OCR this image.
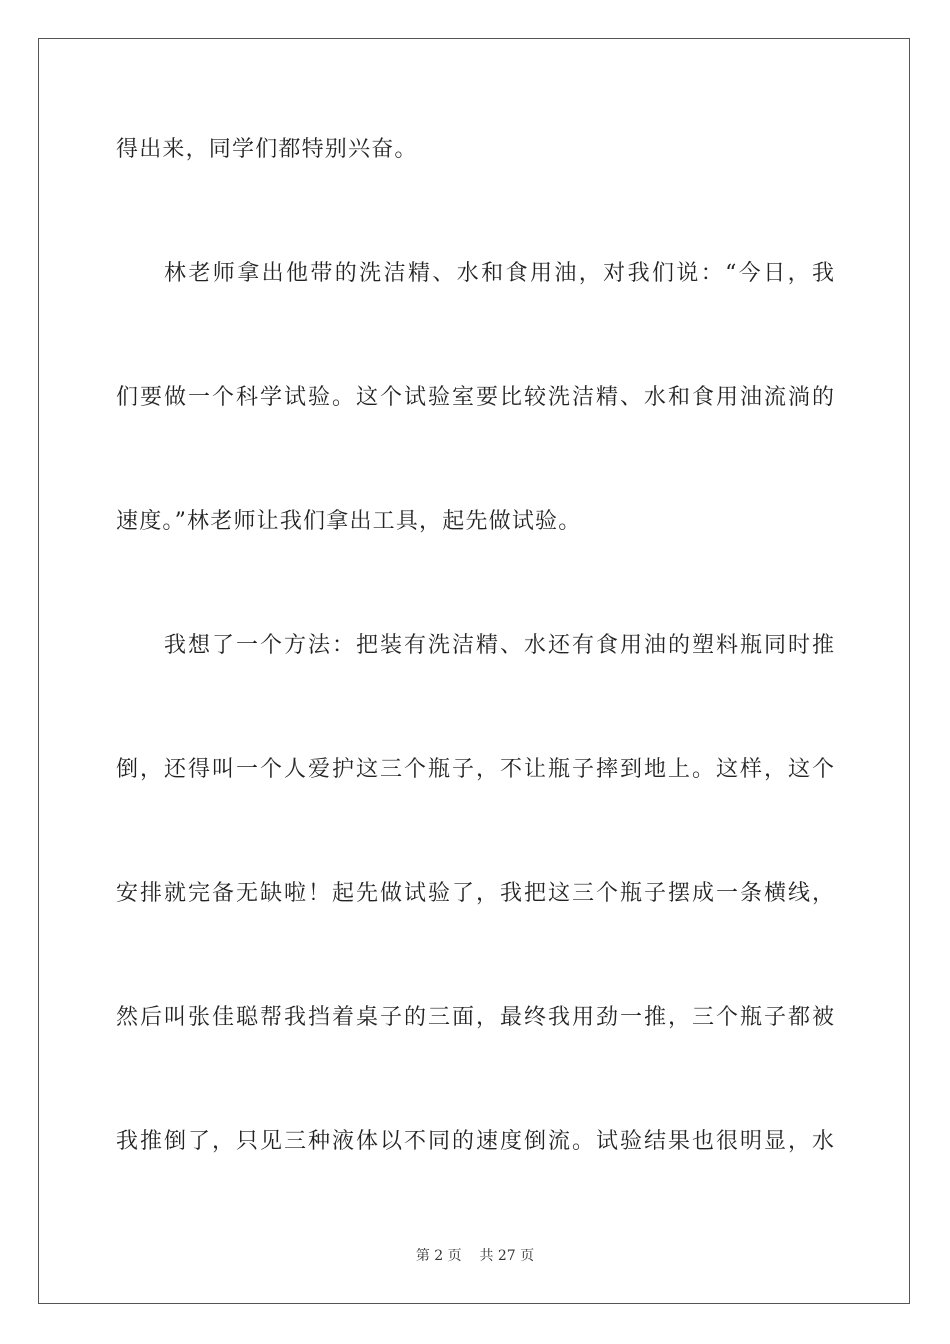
得出来，同学们都特别兴奋。
林老师拿出他带的洗洁精、水和食用油，对我们说：“今日，我
们要做一个科学试验。这个试验室要比较洗洁精、水和食用油流淌的
速度。”林老师让我们拿出工具，起先做试验。
我想了一个方法：把装有洗洁精、水还有食用油的塑料瓶同时推
倒，还得叫一个人爱护这三个瓶子，不让瓶子摔到地上。这样，这个
安排就完备无缺啦！起先做试验了，我把这三个瓶子摆成一条横线，
然后叫张佳聪帮我挡着桌子的三面，最终我用劲一推，三个瓶子都被
我推倒了，只见三种液体以不同的速度倒流。试验结果也很明显，水
第 2 页 共 27 页
